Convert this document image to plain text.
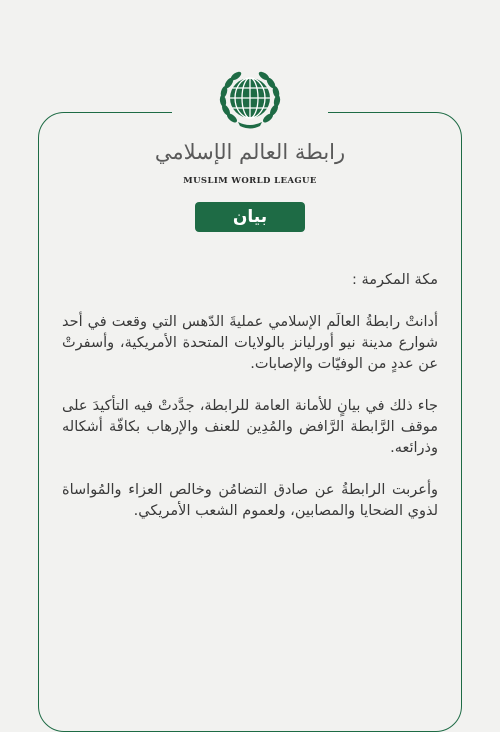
رابطة العالم الإسلامي
MUSLIM WORLD LEAGUE
بيان

مكة المكرمة :

أدانتْ رابطةُ العالَم الإسلامي عمليةَ الدّهس التي وقعت في أحد شوارع مدينة نيو أورليانز بالولايات المتحدة الأمريكية، وأسفرتْ عن عددٍ من الوفيّات والإصابات.

جاء ذلك في بيانٍ للأمانة العامة للرابطة، جدَّدتْ فيه التأكيدَ على موقف الرَّابطة الرَّافض والمُدِين للعنف والإرهاب بكافّة أشكاله وذرائعه.

وأعربت الرابطةُ عن صادق التضامُن وخالص العزاء والمُواساة لذوي الضحايا والمصابين، ولعموم الشعب الأمريكي.
